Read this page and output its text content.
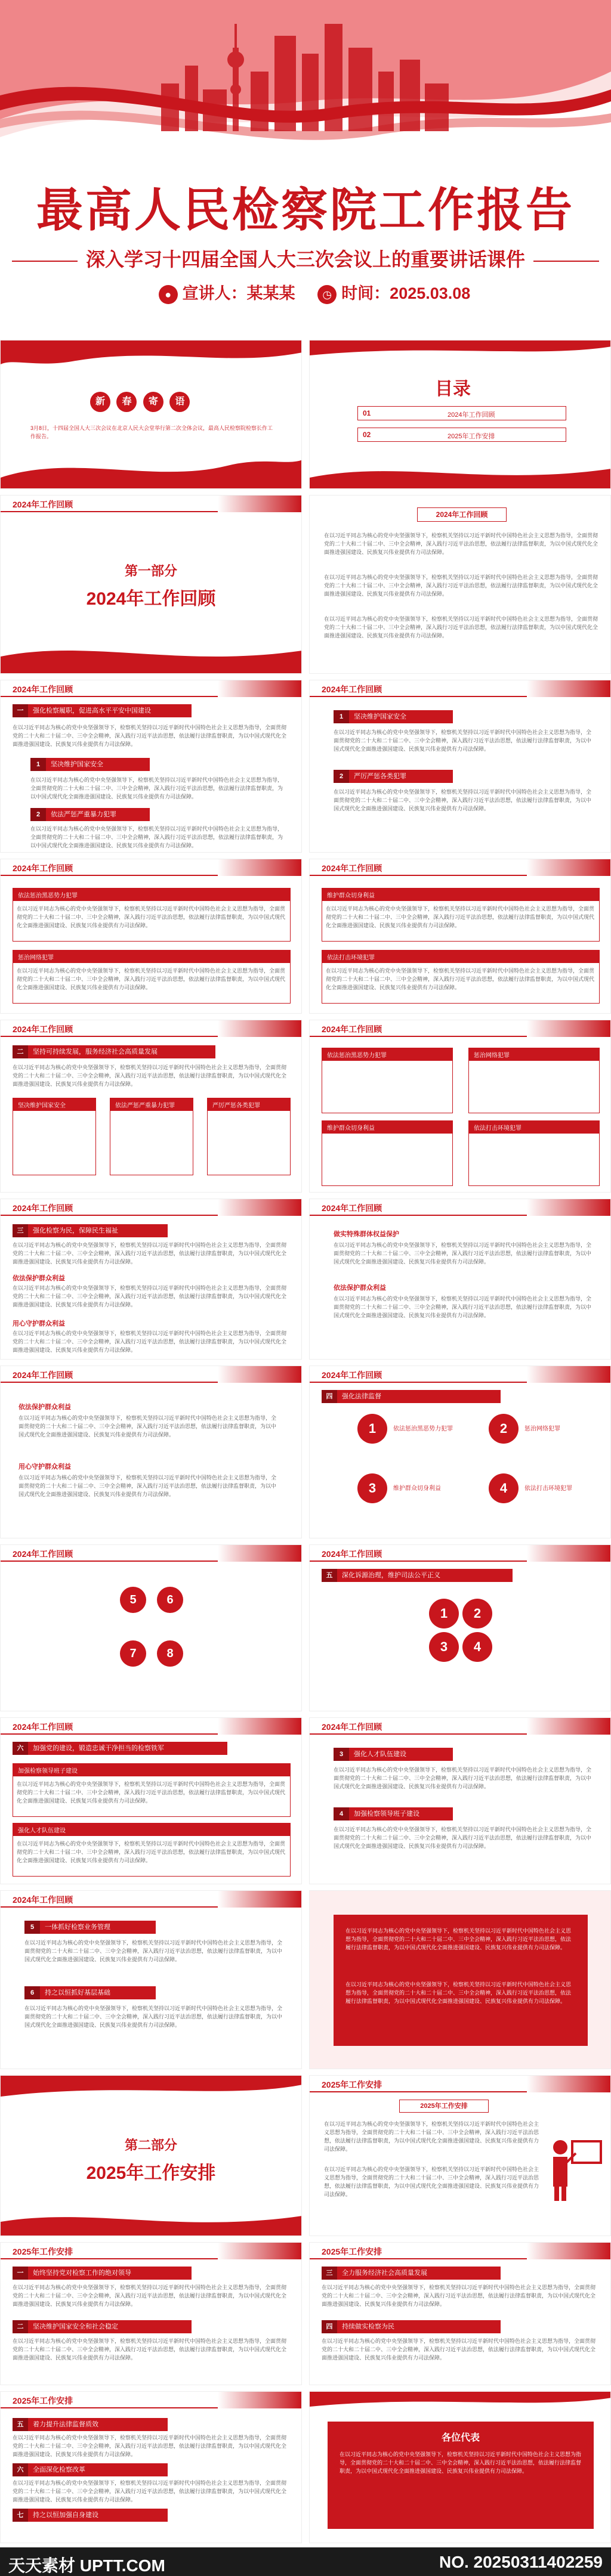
最高人民检察院工作报告
深入学习十四届全国人大三次会议上的重要讲话课件
● 宣讲人：某某某	◷ 时间：2025.03.08
新 春 寄 语
3月8日，十四届全国人大三次会议在北京人民大会堂举行第二次全体会议，最高人民检察院检察长作工作报告。
目录
01	2024年工作回顾
02	2025年工作安排
2024年工作回顾
第一部分
2024年工作回顾
2024年工作回顾
在以习近平同志为核心的党中央坚强领导下，检察机关坚持以习近平新时代中国特色社会主义思想为指导，全面贯彻党的二十大和二十届二中、三中全会精神，深入践行习近平法治思想，依法履行法律监督职责，为以中国式现代化全面推进强国建设、民族复兴伟业提供有力司法保障。
在以习近平同志为核心的党中央坚强领导下，检察机关坚持以习近平新时代中国特色社会主义思想为指导，全面贯彻党的二十大和二十届二中、三中全会精神，深入践行习近平法治思想，依法履行法律监督职责，为以中国式现代化全面推进强国建设、民族复兴伟业提供有力司法保障。
在以习近平同志为核心的党中央坚强领导下，检察机关坚持以习近平新时代中国特色社会主义思想为指导，全面贯彻党的二十大和二十届二中、三中全会精神，深入践行习近平法治思想，依法履行法律监督职责，为以中国式现代化全面推进强国建设、民族复兴伟业提供有力司法保障。
2024年工作回顾
一	强化检察履职，促进高水平平安中国建设
在以习近平同志为核心的党中央坚强领导下，检察机关坚持以习近平新时代中国特色社会主义思想为指导，全面贯彻党的二十大和二十届二中、三中全会精神，深入践行习近平法治思想，依法履行法律监督职责，为以中国式现代化全面推进强国建设、民族复兴伟业提供有力司法保障。
1	坚决维护国家安全
在以习近平同志为核心的党中央坚强领导下，检察机关坚持以习近平新时代中国特色社会主义思想为指导，全面贯彻党的二十大和二十届二中、三中全会精神，深入践行习近平法治思想，依法履行法律监督职责，为以中国式现代化全面推进强国建设、民族复兴伟业提供有力司法保障。
2	依法严惩严重暴力犯罪
在以习近平同志为核心的党中央坚强领导下，检察机关坚持以习近平新时代中国特色社会主义思想为指导，全面贯彻党的二十大和二十届二中、三中全会精神，深入践行习近平法治思想，依法履行法律监督职责，为以中国式现代化全面推进强国建设、民族复兴伟业提供有力司法保障。
2024年工作回顾
1	坚决维护国家安全
在以习近平同志为核心的党中央坚强领导下，检察机关坚持以习近平新时代中国特色社会主义思想为指导，全面贯彻党的二十大和二十届二中、三中全会精神，深入践行习近平法治思想，依法履行法律监督职责，为以中国式现代化全面推进强国建设、民族复兴伟业提供有力司法保障。
2	严厉严惩各类犯罪
在以习近平同志为核心的党中央坚强领导下，检察机关坚持以习近平新时代中国特色社会主义思想为指导，全面贯彻党的二十大和二十届二中、三中全会精神，深入践行习近平法治思想，依法履行法律监督职责，为以中国式现代化全面推进强国建设、民族复兴伟业提供有力司法保障。
2024年工作回顾
依法惩治黑恶势力犯罪
在以习近平同志为核心的党中央坚强领导下，检察机关坚持以习近平新时代中国特色社会主义思想为指导，全面贯彻党的二十大和二十届二中、三中全会精神，深入践行习近平法治思想，依法履行法律监督职责，为以中国式现代化全面推进强国建设、民族复兴伟业提供有力司法保障。
惩治网络犯罪
在以习近平同志为核心的党中央坚强领导下，检察机关坚持以习近平新时代中国特色社会主义思想为指导，全面贯彻党的二十大和二十届二中、三中全会精神，深入践行习近平法治思想，依法履行法律监督职责，为以中国式现代化全面推进强国建设、民族复兴伟业提供有力司法保障。
2024年工作回顾
维护群众切身利益
在以习近平同志为核心的党中央坚强领导下，检察机关坚持以习近平新时代中国特色社会主义思想为指导，全面贯彻党的二十大和二十届二中、三中全会精神，深入践行习近平法治思想，依法履行法律监督职责，为以中国式现代化全面推进强国建设、民族复兴伟业提供有力司法保障。
依法打击环境犯罪
在以习近平同志为核心的党中央坚强领导下，检察机关坚持以习近平新时代中国特色社会主义思想为指导，全面贯彻党的二十大和二十届二中、三中全会精神，深入践行习近平法治思想，依法履行法律监督职责，为以中国式现代化全面推进强国建设、民族复兴伟业提供有力司法保障。
2024年工作回顾
二	坚持可持续发展，服务经济社会高质量发展
在以习近平同志为核心的党中央坚强领导下，检察机关坚持以习近平新时代中国特色社会主义思想为指导，全面贯彻党的二十大和二十届二中、三中全会精神，深入践行习近平法治思想，依法履行法律监督职责，为以中国式现代化全面推进强国建设、民族复兴伟业提供有力司法保障。
坚决维护国家安全	依法严惩严重暴力犯罪	严厉严惩各类犯罪
2024年工作回顾
依法惩治黑恶势力犯罪	惩治网络犯罪
维护群众切身利益	依法打击环境犯罪
2024年工作回顾
三	强化检察为民，保障民生福祉
在以习近平同志为核心的党中央坚强领导下，检察机关坚持以习近平新时代中国特色社会主义思想为指导，全面贯彻党的二十大和二十届二中、三中全会精神，深入践行习近平法治思想，依法履行法律监督职责，为以中国式现代化全面推进强国建设、民族复兴伟业提供有力司法保障。
依法保护群众利益
在以习近平同志为核心的党中央坚强领导下，检察机关坚持以习近平新时代中国特色社会主义思想为指导，全面贯彻党的二十大和二十届二中、三中全会精神，深入践行习近平法治思想，依法履行法律监督职责，为以中国式现代化全面推进强国建设、民族复兴伟业提供有力司法保障。
用心守护群众利益
在以习近平同志为核心的党中央坚强领导下，检察机关坚持以习近平新时代中国特色社会主义思想为指导，全面贯彻党的二十大和二十届二中、三中全会精神，深入践行习近平法治思想，依法履行法律监督职责，为以中国式现代化全面推进强国建设、民族复兴伟业提供有力司法保障。
2024年工作回顾
做实特殊群体权益保护
在以习近平同志为核心的党中央坚强领导下，检察机关坚持以习近平新时代中国特色社会主义思想为指导，全面贯彻党的二十大和二十届二中、三中全会精神，深入践行习近平法治思想，依法履行法律监督职责，为以中国式现代化全面推进强国建设、民族复兴伟业提供有力司法保障。
依法保护群众利益
在以习近平同志为核心的党中央坚强领导下，检察机关坚持以习近平新时代中国特色社会主义思想为指导，全面贯彻党的二十大和二十届二中、三中全会精神，深入践行习近平法治思想，依法履行法律监督职责，为以中国式现代化全面推进强国建设、民族复兴伟业提供有力司法保障。
2024年工作回顾
依法保护群众利益
在以习近平同志为核心的党中央坚强领导下，检察机关坚持以习近平新时代中国特色社会主义思想为指导，全面贯彻党的二十大和二十届二中、三中全会精神，深入践行习近平法治思想，依法履行法律监督职责，为以中国式现代化全面推进强国建设、民族复兴伟业提供有力司法保障。
用心守护群众利益
在以习近平同志为核心的党中央坚强领导下，检察机关坚持以习近平新时代中国特色社会主义思想为指导，全面贯彻党的二十大和二十届二中、三中全会精神，深入践行习近平法治思想，依法履行法律监督职责，为以中国式现代化全面推进强国建设、民族复兴伟业提供有力司法保障。
2024年工作回顾
四	强化法律监督
1	2
3	4
依法惩治黑恶势力犯罪	惩治网络犯罪
维护群众切身利益	依法打击环境犯罪
2024年工作回顾
5	6
7	8
2024年工作回顾
五	深化诉源治理，维护司法公平正义
1	2
3	4
2024年工作回顾
六	加强党的建设，锻造忠诚干净担当的检察铁军
加强检察领导班子建设
在以习近平同志为核心的党中央坚强领导下，检察机关坚持以习近平新时代中国特色社会主义思想为指导，全面贯彻党的二十大和二十届二中、三中全会精神，深入践行习近平法治思想，依法履行法律监督职责，为以中国式现代化全面推进强国建设、民族复兴伟业提供有力司法保障。
强化人才队伍建设
在以习近平同志为核心的党中央坚强领导下，检察机关坚持以习近平新时代中国特色社会主义思想为指导，全面贯彻党的二十大和二十届二中、三中全会精神，深入践行习近平法治思想，依法履行法律监督职责，为以中国式现代化全面推进强国建设、民族复兴伟业提供有力司法保障。
2024年工作回顾
3	强化人才队伍建设
在以习近平同志为核心的党中央坚强领导下，检察机关坚持以习近平新时代中国特色社会主义思想为指导，全面贯彻党的二十大和二十届二中、三中全会精神，深入践行习近平法治思想，依法履行法律监督职责，为以中国式现代化全面推进强国建设、民族复兴伟业提供有力司法保障。
4	加强检察领导班子建设
在以习近平同志为核心的党中央坚强领导下，检察机关坚持以习近平新时代中国特色社会主义思想为指导，全面贯彻党的二十大和二十届二中、三中全会精神，深入践行习近平法治思想，依法履行法律监督职责，为以中国式现代化全面推进强国建设、民族复兴伟业提供有力司法保障。
2024年工作回顾
5	一体抓好检察业务管理
在以习近平同志为核心的党中央坚强领导下，检察机关坚持以习近平新时代中国特色社会主义思想为指导，全面贯彻党的二十大和二十届二中、三中全会精神，深入践行习近平法治思想，依法履行法律监督职责，为以中国式现代化全面推进强国建设、民族复兴伟业提供有力司法保障。
6	持之以恒抓好基层基础
在以习近平同志为核心的党中央坚强领导下，检察机关坚持以习近平新时代中国特色社会主义思想为指导，全面贯彻党的二十大和二十届二中、三中全会精神，深入践行习近平法治思想，依法履行法律监督职责，为以中国式现代化全面推进强国建设、民族复兴伟业提供有力司法保障。
在以习近平同志为核心的党中央坚强领导下，检察机关坚持以习近平新时代中国特色社会主义思想为指导，全面贯彻党的二十大和二十届二中、三中全会精神，深入践行习近平法治思想，依法履行法律监督职责，为以中国式现代化全面推进强国建设、民族复兴伟业提供有力司法保障。
在以习近平同志为核心的党中央坚强领导下，检察机关坚持以习近平新时代中国特色社会主义思想为指导，全面贯彻党的二十大和二十届二中、三中全会精神，深入践行习近平法治思想，依法履行法律监督职责，为以中国式现代化全面推进强国建设、民族复兴伟业提供有力司法保障。
第二部分
2025年工作安排
2025年工作安排
2025年工作安排
在以习近平同志为核心的党中央坚强领导下，检察机关坚持以习近平新时代中国特色社会主义思想为指导，全面贯彻党的二十大和二十届二中、三中全会精神，深入践行习近平法治思想，依法履行法律监督职责，为以中国式现代化全面推进强国建设、民族复兴伟业提供有力司法保障。
在以习近平同志为核心的党中央坚强领导下，检察机关坚持以习近平新时代中国特色社会主义思想为指导，全面贯彻党的二十大和二十届二中、三中全会精神，深入践行习近平法治思想，依法履行法律监督职责，为以中国式现代化全面推进强国建设、民族复兴伟业提供有力司法保障。
2025年工作安排
一	始终坚持党对检察工作的绝对领导
在以习近平同志为核心的党中央坚强领导下，检察机关坚持以习近平新时代中国特色社会主义思想为指导，全面贯彻党的二十大和二十届二中、三中全会精神，深入践行习近平法治思想，依法履行法律监督职责，为以中国式现代化全面推进强国建设、民族复兴伟业提供有力司法保障。
二	坚决维护国家安全和社会稳定
在以习近平同志为核心的党中央坚强领导下，检察机关坚持以习近平新时代中国特色社会主义思想为指导，全面贯彻党的二十大和二十届二中、三中全会精神，深入践行习近平法治思想，依法履行法律监督职责，为以中国式现代化全面推进强国建设、民族复兴伟业提供有力司法保障。
2025年工作安排
三	全力服务经济社会高质量发展
在以习近平同志为核心的党中央坚强领导下，检察机关坚持以习近平新时代中国特色社会主义思想为指导，全面贯彻党的二十大和二十届二中、三中全会精神，深入践行习近平法治思想，依法履行法律监督职责，为以中国式现代化全面推进强国建设、民族复兴伟业提供有力司法保障。
四	持续做实检察为民
在以习近平同志为核心的党中央坚强领导下，检察机关坚持以习近平新时代中国特色社会主义思想为指导，全面贯彻党的二十大和二十届二中、三中全会精神，深入践行习近平法治思想，依法履行法律监督职责，为以中国式现代化全面推进强国建设、民族复兴伟业提供有力司法保障。
2025年工作安排
五	着力提升法律监督质效
在以习近平同志为核心的党中央坚强领导下，检察机关坚持以习近平新时代中国特色社会主义思想为指导，全面贯彻党的二十大和二十届二中、三中全会精神，深入践行习近平法治思想，依法履行法律监督职责，为以中国式现代化全面推进强国建设、民族复兴伟业提供有力司法保障。
六	全面深化检察改革
在以习近平同志为核心的党中央坚强领导下，检察机关坚持以习近平新时代中国特色社会主义思想为指导，全面贯彻党的二十大和二十届二中、三中全会精神，深入践行习近平法治思想，依法履行法律监督职责，为以中国式现代化全面推进强国建设、民族复兴伟业提供有力司法保障。
七	持之以恒加强自身建设
各位代表
在以习近平同志为核心的党中央坚强领导下，检察机关坚持以习近平新时代中国特色社会主义思想为指导，全面贯彻党的二十大和二十届二中、三中全会精神，深入践行习近平法治思想，依法履行法律监督职责，为以中国式现代化全面推进强国建设、民族复兴伟业提供有力司法保障。
天天素材 UPTT.COM	NO. 20250311402259
